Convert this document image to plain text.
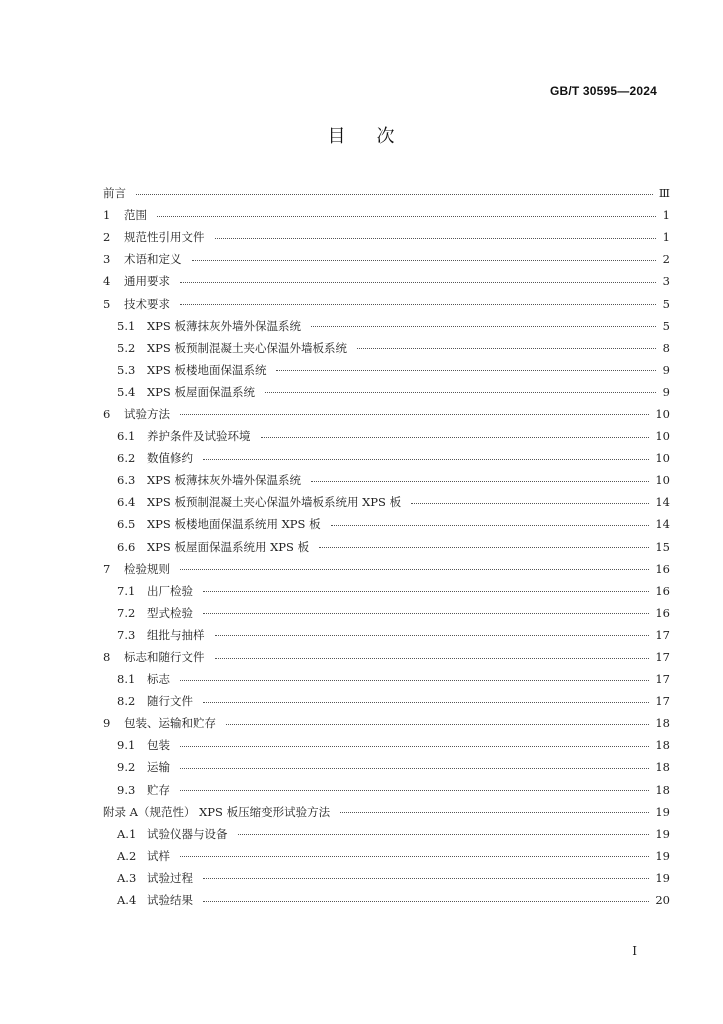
GB/T 30595—2024
目 次
前言	Ⅲ
1 范围	1
2 规范性引用文件	1
3 术语和定义	2
4 通用要求	3
5 技术要求	5
5.1	XPS 板薄抹灰外墙外保温系统	5
5.2	XPS 板预制混凝土夹心保温外墙板系统	8
5.3	XPS 板楼地面保温系统	9
5.4	XPS 板屋面保温系统	9
6 试验方法	10
6.1	养护条件及试验环境	10
6.2	数值修约	10
6.3	XPS 板薄抹灰外墙外保温系统	10
6.4	XPS 板预制混凝土夹心保温外墙板系统用 XPS 板	14
6.5	XPS 板楼地面保温系统用 XPS 板	14
6.6	XPS 板屋面保温系统用 XPS 板	15
7 检验规则	16
7.1	出厂检验	16
7.2	型式检验	16
7.3	组批与抽样	17
8 标志和随行文件	17
8.1	标志	17
8.2	随行文件	17
9 包装、运输和贮存	18
9.1	包装	18
9.2	运输	18
9.3	贮存	18
附录 A（规范性） XPS 板压缩变形试验方法	19
A.1 试验仪器与设备	19
A.2 试样	19
A.3 试验过程	19
A.4 试验结果	20
I
